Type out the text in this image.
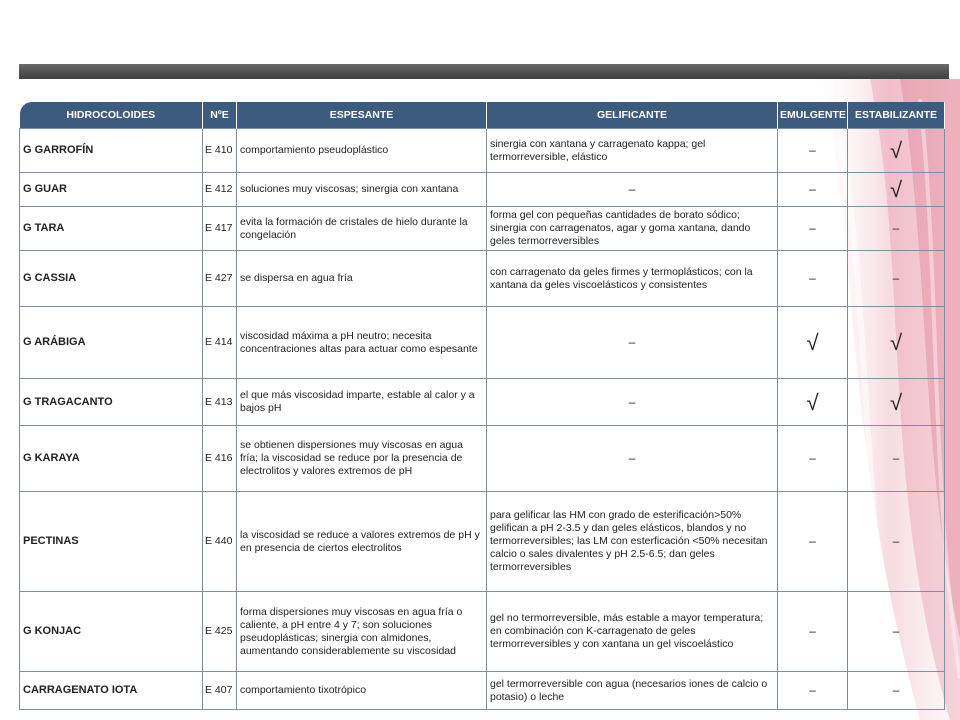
HIDROCOLOIDES	NºE	ESPESANTE	GELIFICANTE	EMULGENTE	ESTABILIZANTE
G GARROFÍN	E 410	comportamiento pseudoplástico	sinergia con xantana y carragenato kappa; gel termorreversible, elástico	–	√
G GUAR	E 412	soluciones muy viscosas; sinergia con xantana	–	–	√
G TARA	E 417	evita la formación de cristales de hielo durante la congelación	forma gel con pequeñas cantidades de borato sódico; sinergia con carragenatos, agar y goma xantana, dando geles termorreversibles	–	–
G CASSIA	E 427	se dispersa en agua fría	con carragenato da geles firmes y termoplásticos; con la xantana da geles viscoelásticos y consistentes	–	–
G ARÁBIGA	E 414	viscosidad máxima a pH neutro; necesita concentraciones altas para actuar como espesante	–	√	√
G TRAGACANTO	E 413	el que más viscosidad imparte, estable al calor y a bajos pH	–	√	√
G KARAYA	E 416	se obtienen dispersiones muy viscosas en agua fría; la viscosidad se reduce por la presencia de electrolitos y valores extremos de pH	–	–	–
PECTINAS	E 440	la viscosidad se reduce a valores extremos de pH y en presencia de ciertos electrolitos	para gelificar las HM con grado de esterificación>50% gelifican a pH 2-3.5 y dan geles elásticos, blandos y no termorreversibles; las LM con esterficación <50% necesitan calcio o sales divalentes y pH 2.5-6.5; dan geles termorreversibles	–	–
G KONJAC	E 425	forma dispersiones muy viscosas en agua fría o caliente, a pH entre 4 y 7; son soluciones pseudoplásticas; sinergia con almidones, aumentando considerablemente su viscosidad	gel no termorreversible, más estable a mayor temperatura; en combinación con K-carragenato de geles termorreversibles y con xantana un gel viscoelástico	–	–
CARRAGENATO IOTA	E 407	comportamiento tixotrópico	gel termorreversible con agua (necesarios iones de calcio o potasio) o leche	–	–
